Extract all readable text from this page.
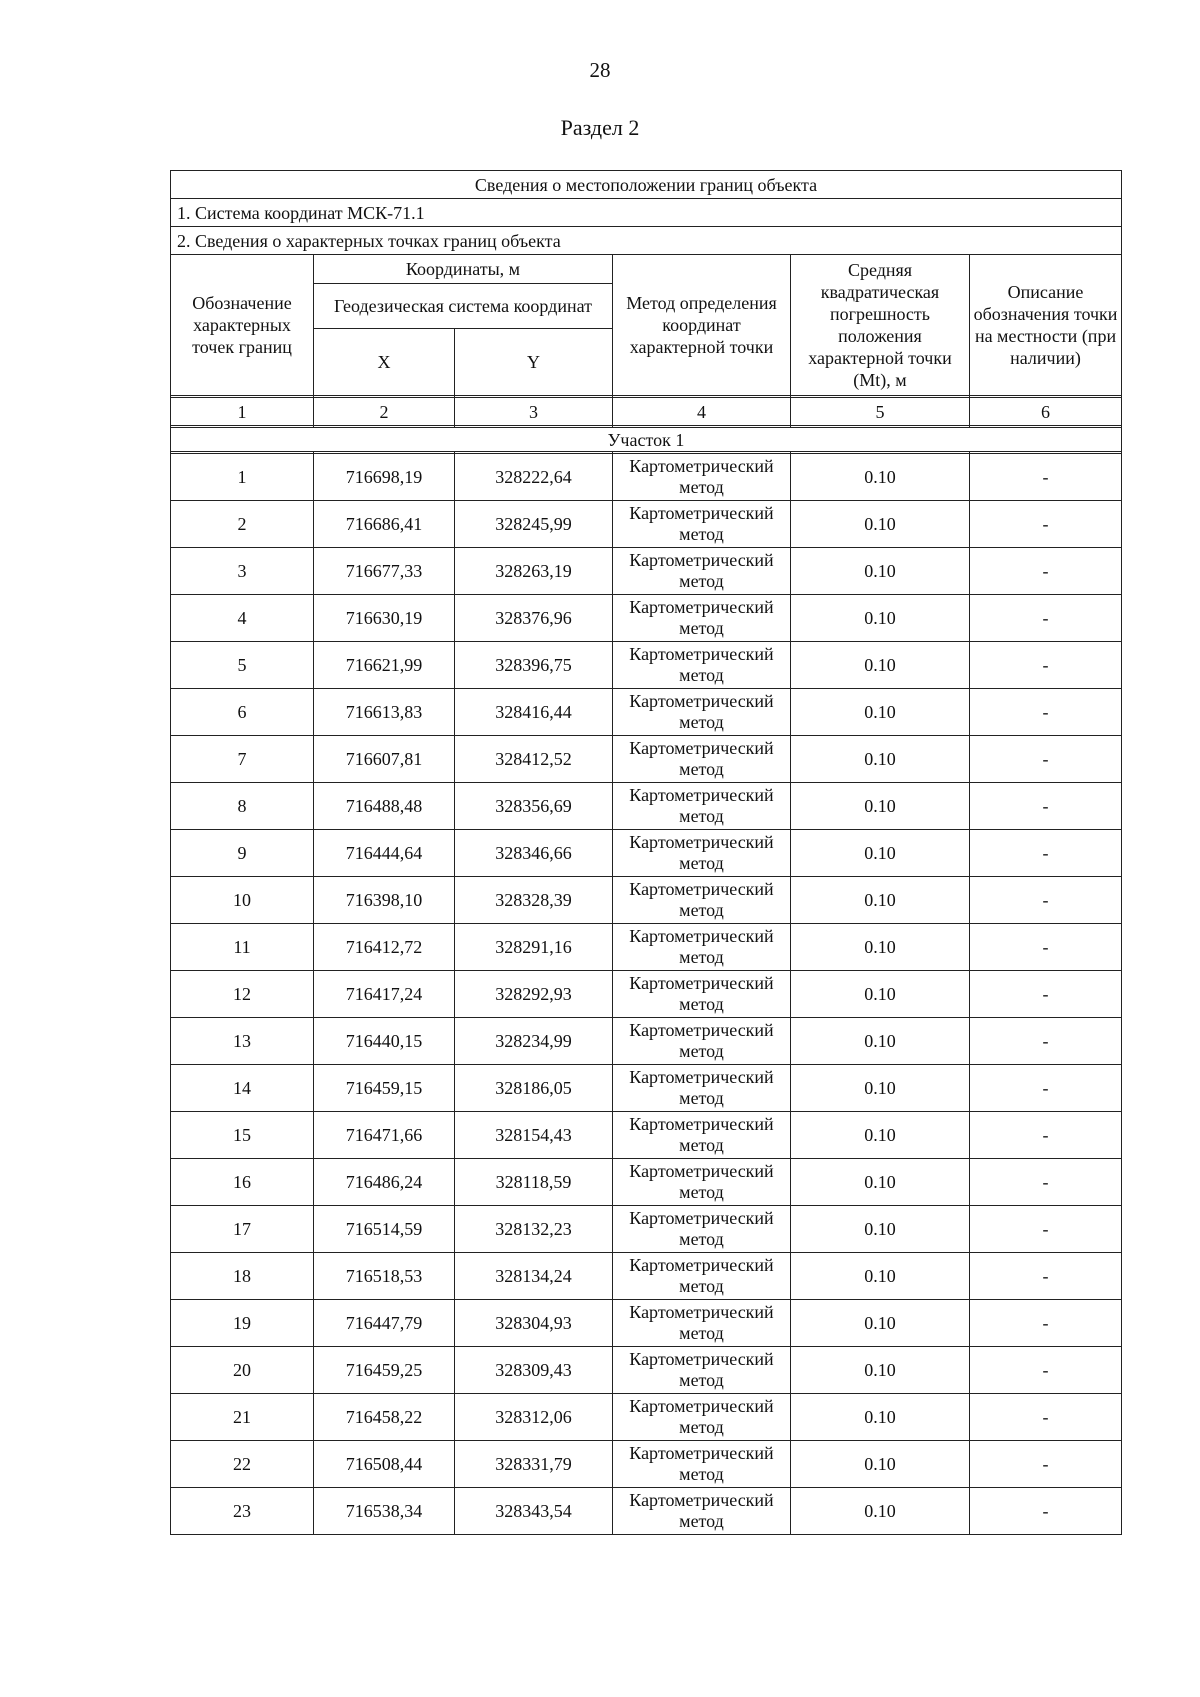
28
Раздел 2
Сведения о местоположении границ объекта					
1. Система координат МСК-71.1					
2. Сведения о характерных точках границ объекта					
Обозначение характерных точек границ	Координаты, м		Метод определения координат характерной точки	Средняя квадратическая погрешность положения характерной точки (Mt), м	Описание обозначения точки на местности (при наличии)
	Геодезическая система координат				
	X	Y			

1	2	3	4	5	6

Участок 1					

1	716698,19	328222,64	Картометрический метод	0.10	-
2	716686,41	328245,99	Картометрический метод	0.10	-
3	716677,33	328263,19	Картометрический метод	0.10	-
4	716630,19	328376,96	Картометрический метод	0.10	-
5	716621,99	328396,75	Картометрический метод	0.10	-
6	716613,83	328416,44	Картометрический метод	0.10	-
7	716607,81	328412,52	Картометрический метод	0.10	-
8	716488,48	328356,69	Картометрический метод	0.10	-
9	716444,64	328346,66	Картометрический метод	0.10	-
10	716398,10	328328,39	Картометрический метод	0.10	-
11	716412,72	328291,16	Картометрический метод	0.10	-
12	716417,24	328292,93	Картометрический метод	0.10	-
13	716440,15	328234,99	Картометрический метод	0.10	-
14	716459,15	328186,05	Картометрический метод	0.10	-
15	716471,66	328154,43	Картометрический метод	0.10	-
16	716486,24	328118,59	Картометрический метод	0.10	-
17	716514,59	328132,23	Картометрический метод	0.10	-
18	716518,53	328134,24	Картометрический метод	0.10	-
19	716447,79	328304,93	Картометрический метод	0.10	-
20	716459,25	328309,43	Картометрический метод	0.10	-
21	716458,22	328312,06	Картометрический метод	0.10	-
22	716508,44	328331,79	Картометрический метод	0.10	-
23	716538,34	328343,54	Картометрический метод	0.10	-
